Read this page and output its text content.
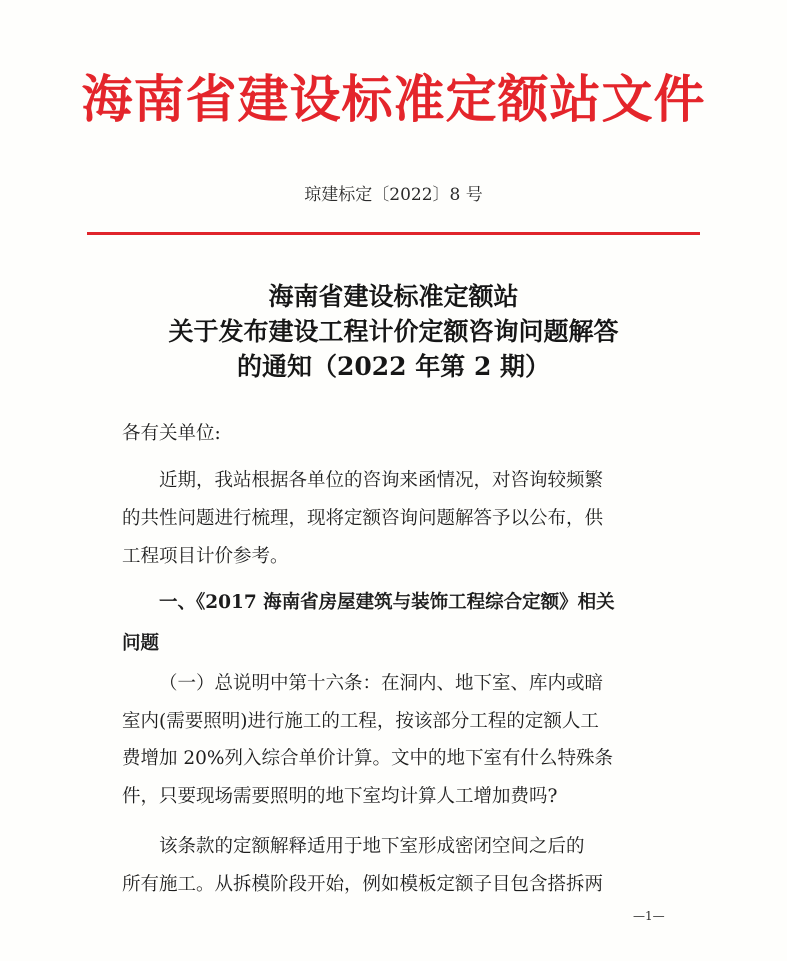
海南省建设标准定额站文件
琼建标定〔2022〕8 号
海南省建设标准定额站
关于发布建设工程计价定额咨询问题解答
的通知（2022 年第 2 期）
各有关单位:
近期，我站根据各单位的咨询来函情况，对咨询较频繁
的共性问题进行梳理，现将定额咨询问题解答予以公布，供
工程项目计价参考。
一、《2017 海南省房屋建筑与装饰工程综合定额》相关
问题
（一）总说明中第十六条：在洞内、地下室、库内或暗
室内(需要照明)进行施工的工程，按该部分工程的定额人工
费增加 20%列入综合单价计算。文中的地下室有什么特殊条
件，只要现场需要照明的地下室均计算人工增加费吗?
该条款的定额解释适用于地下室形成密闭空间之后的
所有施工。从拆模阶段开始，例如模板定额子目包含搭拆两
—1—
